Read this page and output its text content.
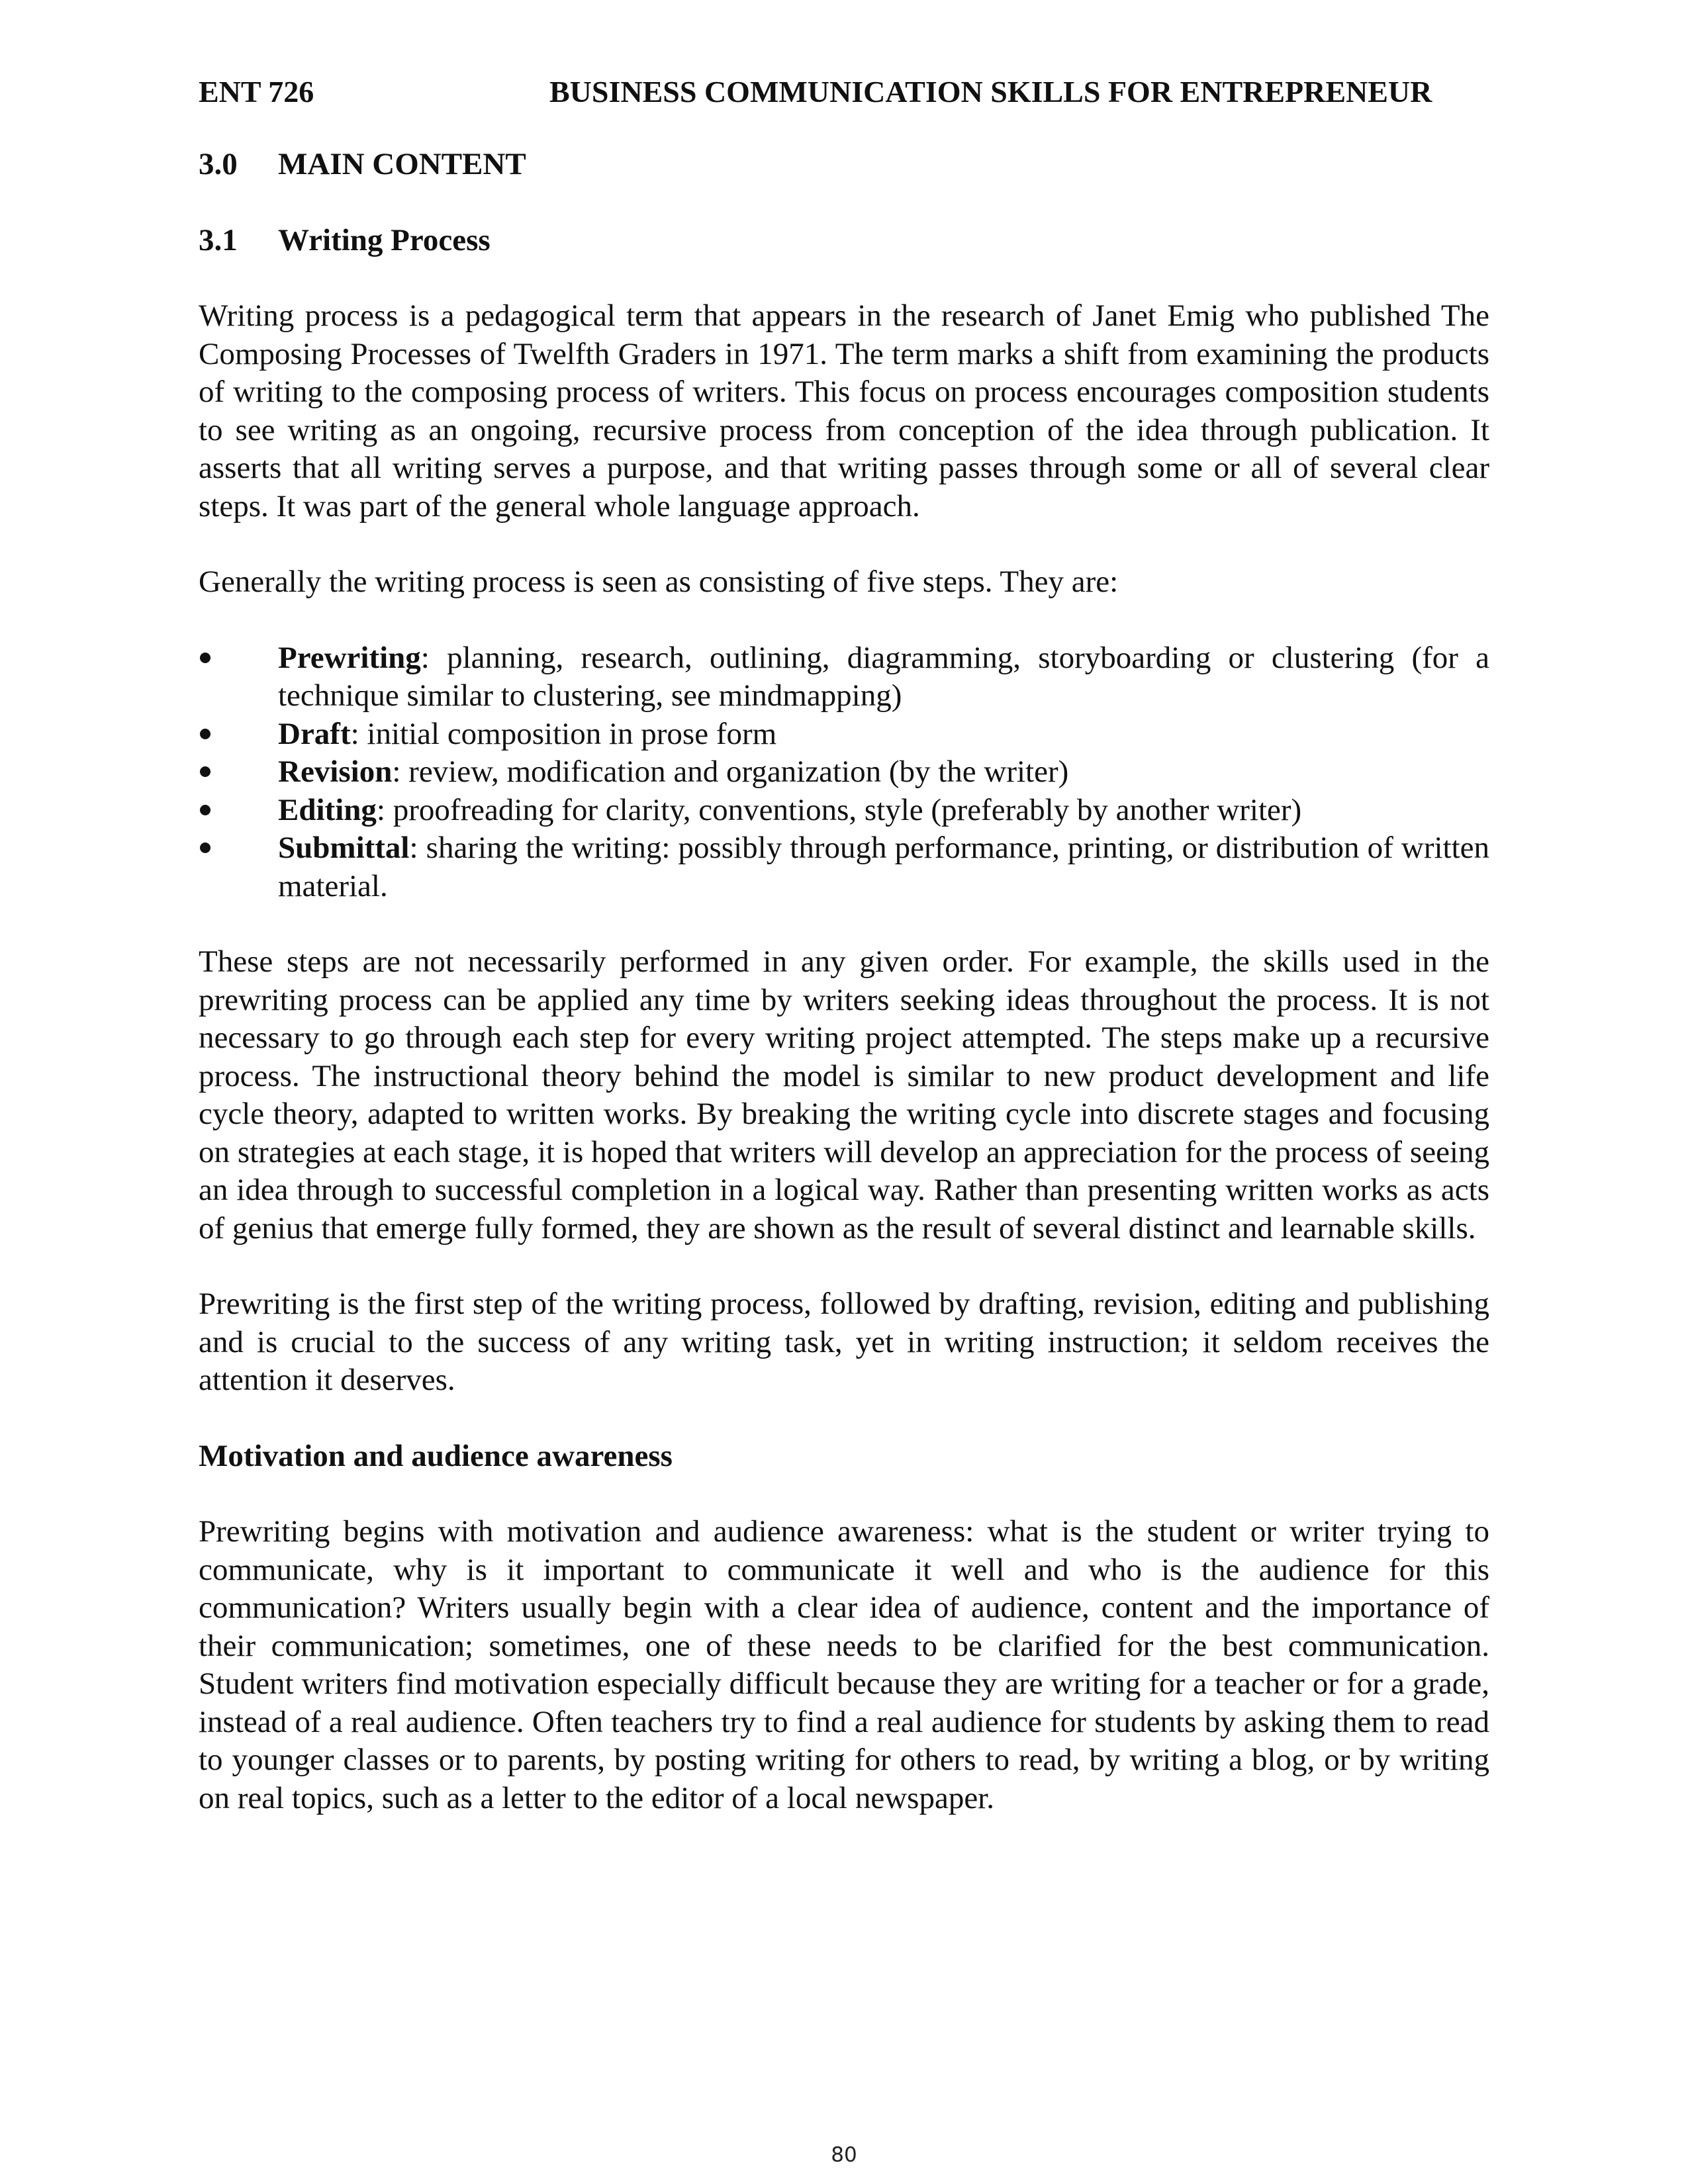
ENT 726	BUSINESS COMMUNICATION SKILLS FOR ENTREPRENEUR
3.0	MAIN CONTENT
3.1	Writing Process

Writing process is a pedagogical term that appears in the research of Janet Emig who published The Composing Processes of Twelfth Graders in 1971. The term marks a shift from examining the products of writing to the composing process of writers. This focus on process encourages composition students to see writing as an ongoing, recursive process from conception of the idea through publication. It asserts that all writing serves a purpose, and that writing passes through some or all of several clear steps. It was part of the general whole language approach.

Generally the writing process is seen as consisting of five steps. They are:

Prewriting: planning, research, outlining, diagramming, storyboarding or clustering (for a technique similar to clustering, see mindmapping)
Draft: initial composition in prose form
Revision: review, modification and organization (by the writer)
Editing: proofreading for clarity, conventions, style (preferably by another writer)
Submittal: sharing the writing: possibly through performance, printing, or distribution of written material.

These steps are not necessarily performed in any given order. For example, the skills used in the prewriting process can be applied any time by writers seeking ideas throughout the process. It is not necessary to go through each step for every writing project attempted. The steps make up a recursive process. The instructional theory behind the model is similar to new product development and life cycle theory, adapted to written works. By breaking the writing cycle into discrete stages and focusing on strategies at each stage, it is hoped that writers will develop an appreciation for the process of seeing an idea through to successful completion in a logical way. Rather than presenting written works as acts of genius that emerge fully formed, they are shown as the result of several distinct and learnable skills.

Prewriting is the first step of the writing process, followed by drafting, revision, editing and publishing and is crucial to the success of any writing task, yet in writing instruction; it seldom receives the attention it deserves.

Motivation and audience awareness

Prewriting begins with motivation and audience awareness: what is the student or writer trying to communicate, why is it important to communicate it well and who is the audience for this communication? Writers usually begin with a clear idea of audience, content and the importance of their communication; sometimes, one of these needs to be clarified for the best communication. Student writers find motivation especially difficult because they are writing for a teacher or for a grade, instead of a real audience. Often teachers try to find a real audience for students by asking them to read to younger classes or to parents, by posting writing for others to read, by writing a blog, or by writing on real topics, such as a letter to the editor of a local newspaper.

80
